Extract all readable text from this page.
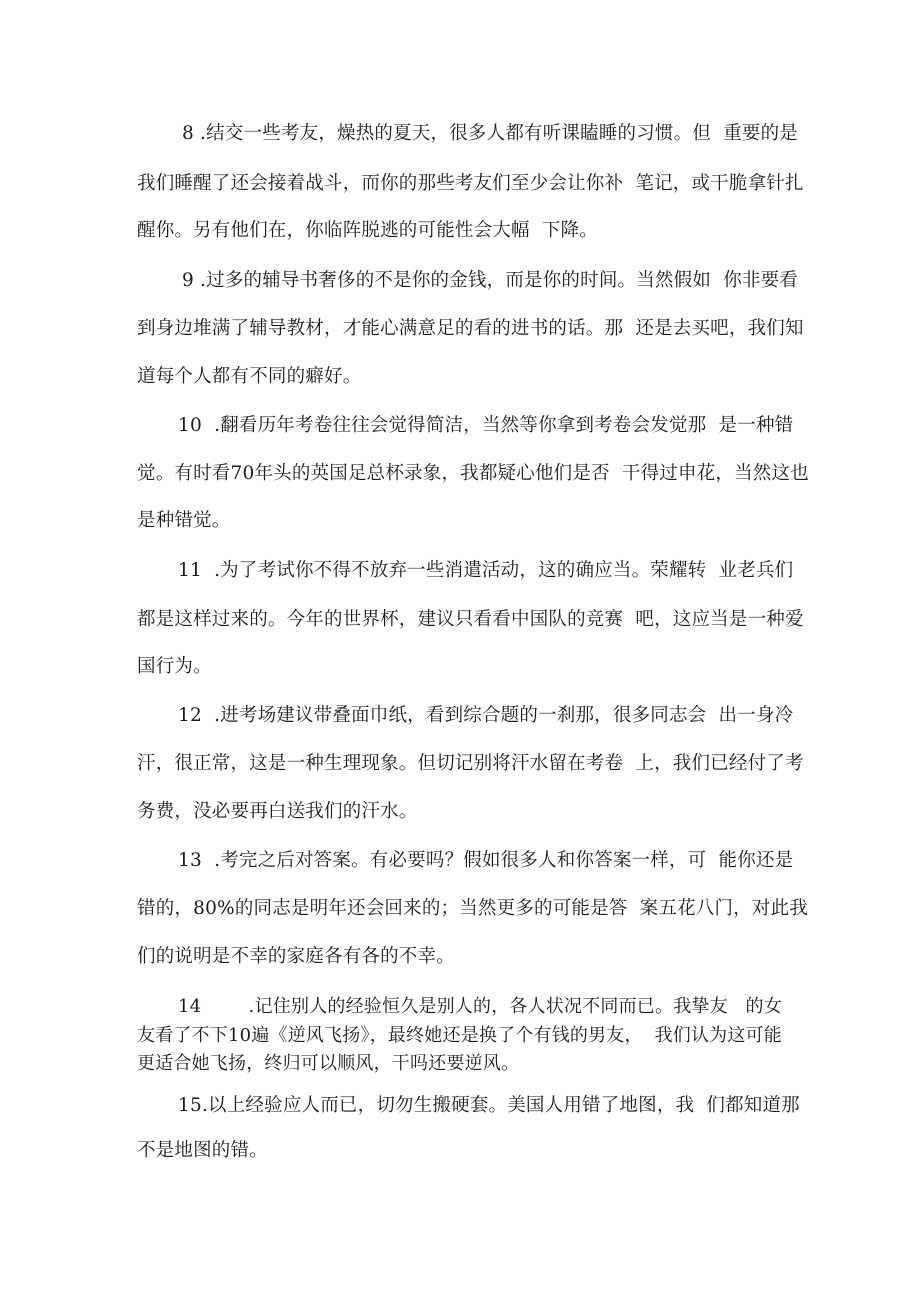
8 .结交一些考友，燥热的夏天，很多人都有听课瞌睡的习惯。但  重要的是
我们睡醒了还会接着战斗，而你的那些考友们至少会让你补  笔记，或干脆拿针扎
醒你。另有他们在，你临阵脱逃的可能性会大幅  下降。
9 .过多的辅导书奢侈的不是你的金钱，而是你的时间。当然假如  你非要看
到身边堆满了辅导教材，才能心满意足的看的进书的话。那  还是去买吧，我们知
道每个人都有不同的癖好。
10  .翻看历年考卷往往会觉得简洁，当然等你拿到考卷会发觉那  是一种错
觉。有时看70年头的英国足总杯录象，我都疑心他们是否  干得过申花，当然这也
是种错觉。
11  .为了考试你不得不放弃一些消遣活动，这的确应当。荣耀转  业老兵们
都是这样过来的。今年的世界杯，建议只看看中国队的竞赛  吧，这应当是一种爱
国行为。
12  .进考场建议带叠面巾纸，看到综合题的一刹那，很多同志会  出一身冷
汗，很正常，这是一种生理现象。但切记别将汗水留在考卷  上，我们已经付了考
务费，没必要再白送我们的汗水。
13  .考完之后对答案。有必要吗？假如很多人和你答案一样，可  能你还是
错的，80%的同志是明年还会回来的；当然更多的可能是答  案五花八门，对此我
们的说明是不幸的家庭各有各的不幸。
14        .记住别人的经验恒久是别人的，各人状况不同而已。我挚友   的女
友看了不下10遍《逆风飞扬》，最终她还是换了个有钱的男友，  我们认为这可能
更适合她飞扬，终归可以顺风，干吗还要逆风。
15.以上经验应人而已，切勿生搬硬套。美国人用错了地图，我  们都知道那
不是地图的错。
